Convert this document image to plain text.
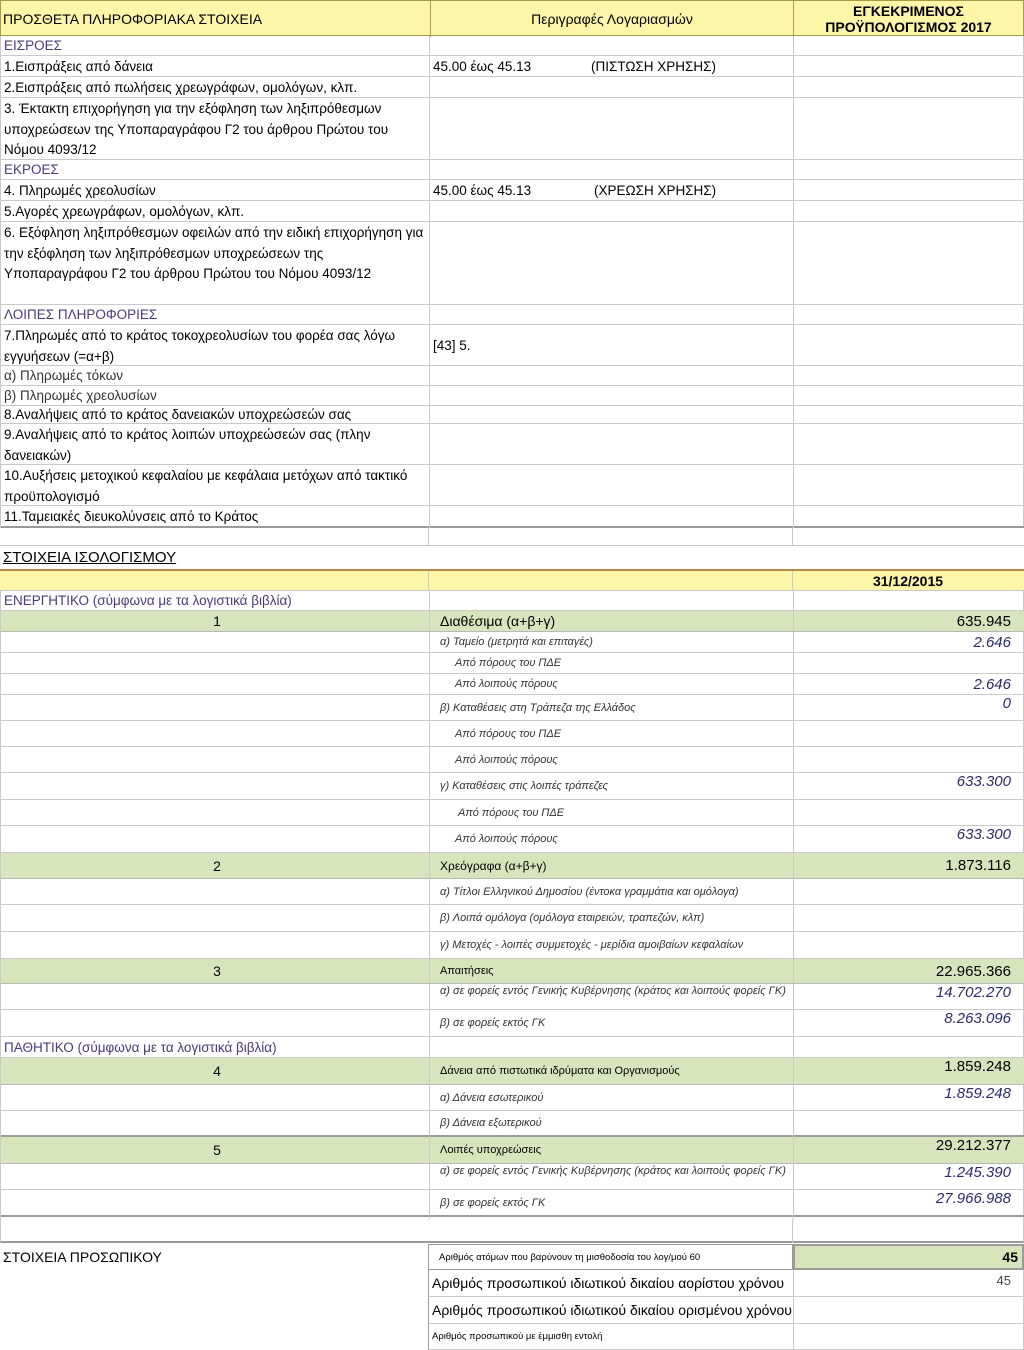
ΠΡΟΣΘΕΤΑ ΠΛΗΡΟΦΟΡΙΑΚΑ ΣΤΟΙΧΕΙΑ	Περιγραφές Λογαριασμών	ΕΓΚΕΚΡΙΜΕΝΟΣ
ΠΡΟΫΠΟΛΟΓΙΣΜΟΣ 2017
ΕΙΣΡΟΕΣ
1.Εισπράξεις από δάνεια	45.00 έως 45.13	(ΠΙΣΤΩΣΗ ΧΡΗΣΗΣ)
2.Εισπράξεις από πωλήσεις χρεωγράφων, ομολόγων, κλπ.
3. Έκτακτη επιχορήγηση για την εξόφληση των ληξιπρόθεσμων υποχρεώσεων της Υποπαραγράφου Γ2 του άρθρου Πρώτου του Νόμου 4093/12
ΕΚΡΟΕΣ
4. Πληρωμές χρεολυσίων	45.00 έως 45.13	(ΧΡΕΩΣΗ ΧΡΗΣΗΣ)
5.Αγορές χρεωγράφων, ομολόγων, κλπ.
6. Εξόφληση ληξιπρόθεσμων οφειλών από την ειδική επιχορήγηση για την εξόφληση των ληξιπρόθεσμων υποχρεώσεων της Υποπαραγράφου Γ2 του άρθρου Πρώτου του Νόμου 4093/12
ΛΟΙΠΕΣ ΠΛΗΡΟΦΟΡΙΕΣ
7.Πληρωμές από το κράτος τοκοχρεολυσίων του φορέα σας λόγω εγγυήσεων (=α+β)
[43] 5.
α) Πληρωμές τόκων
β) Πληρωμές χρεολυσίων
8.Αναλήψεις από το κράτος δανειακών υποχρεώσεών σας
9.Αναλήψεις από το κράτος λοιπών υποχρεώσεών σας (πλην δανειακών)
10.Αυξήσεις μετοχικού κεφαλαίου με κεφάλαια μετόχων από τακτικό προϋπολογισμό
11.Ταμειακές διευκολύνσεις από το Κράτος
ΣΤΟΙΧΕΙΑ ΙΣΟΛΟΓΙΣΜΟΥ
31/12/2015
ΕΝΕΡΓΗΤΙΚΟ (σύμφωνα με τα λογιστικά βιβλία)
1	Διαθέσιμα (α+β+γ)	635.945
α) Ταμείο (μετρητά και επιταγές)	2.646
Από πόρους του ΠΔΕ
Από λοιπούς πόρους	2.646
β) Καταθέσεις στη Τράπεζα της Ελλάδος	0
Από πόρους του ΠΔΕ
Από λοιπούς πόρους
γ) Καταθέσεις στις λοιπές τράπεζες	633.300
Από πόρους του ΠΔΕ
Από λοιπούς πόρους	633.300
2	Χρεόγραφα (α+β+γ)	1.873.116
α) Τίτλοι Ελληνικού Δημοσίου (έντοκα γραμμάτια και ομόλογα)
β) Λοιπά ομόλογα (ομόλογα εταιρειών, τραπεζών, κλπ)
γ) Μετοχές - λοιπές συμμετοχές - μερίδια αμοιβαίων κεφαλαίων
3	Απαιτήσεις	22.965.366
α) σε φορείς εντός Γενικής Κυβέρνησης (κράτος και λοιπούς φορείς ΓΚ)	14.702.270
β) σε φορείς εκτός ΓΚ	8.263.096
ΠΑΘΗΤΙΚΟ (σύμφωνα με τα λογιστικά βιβλία)
4	Δάνεια από πιστωτικά ιδρύματα και Οργανισμούς	1.859.248
α) Δάνεια εσωτερικού	1.859.248
β) Δάνεια εξωτερικού
5	Λοιπές υποχρεώσεις	29.212.377
α) σε φορείς εντός Γενικής Κυβέρνησης (κράτος και λοιπούς φορείς ΓΚ)	1.245.390
β) σε φορείς εκτός ΓΚ	27.966.988
ΣΤΟΙΧΕΙΑ ΠΡΟΣΩΠΙΚΟΥ	Αριθμός ατόμων που βαρύνουν τη μισθοδοσία του λογ/μού 60	45
Αριθμός προσωπικού ιδιωτικού δικαίου αορίστου χρόνου	45
Αριθμός προσωπικού ιδιωτικού δικαίου ορισμένου χρόνου
Αριθμός προσωπικού με έμμισθη εντολή
